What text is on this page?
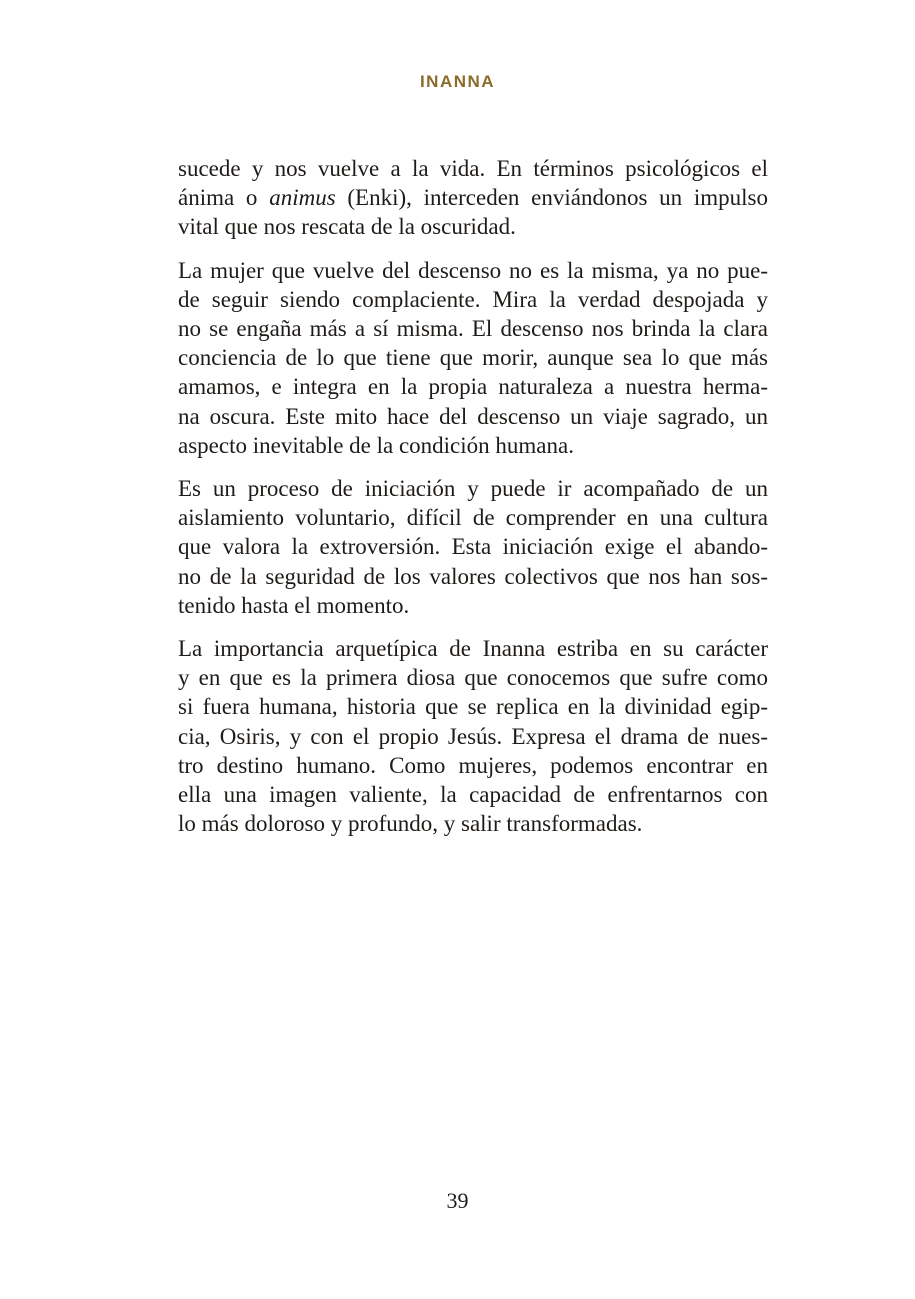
INANNA

sucede y nos vuelve a la vida. En términos psicológicos el
ánima o animus (Enki), interceden enviándonos un impulso
vital que nos rescata de la oscuridad.

La mujer que vuelve del descenso no es la misma, ya no pue-
de seguir siendo complaciente. Mira la verdad despojada y
no se engaña más a sí misma. El descenso nos brinda la clara
conciencia de lo que tiene que morir, aunque sea lo que más
amamos, e integra en la propia naturaleza a nuestra herma-
na oscura. Este mito hace del descenso un viaje sagrado, un
aspecto inevitable de la condición humana.

Es un proceso de iniciación y puede ir acompañado de un
aislamiento voluntario, difícil de comprender en una cultura
que valora la extroversión. Esta iniciación exige el abando-
no de la seguridad de los valores colectivos que nos han sos-
tenido hasta el momento.

La importancia arquetípica de Inanna estriba en su carácter
y en que es la primera diosa que conocemos que sufre como
si fuera humana, historia que se replica en la divinidad egip-
cia, Osiris, y con el propio Jesús. Expresa el drama de nues-
tro destino humano. Como mujeres, podemos encontrar en
ella una imagen valiente, la capacidad de enfrentarnos con
lo más doloroso y profundo, y salir transformadas.

39
